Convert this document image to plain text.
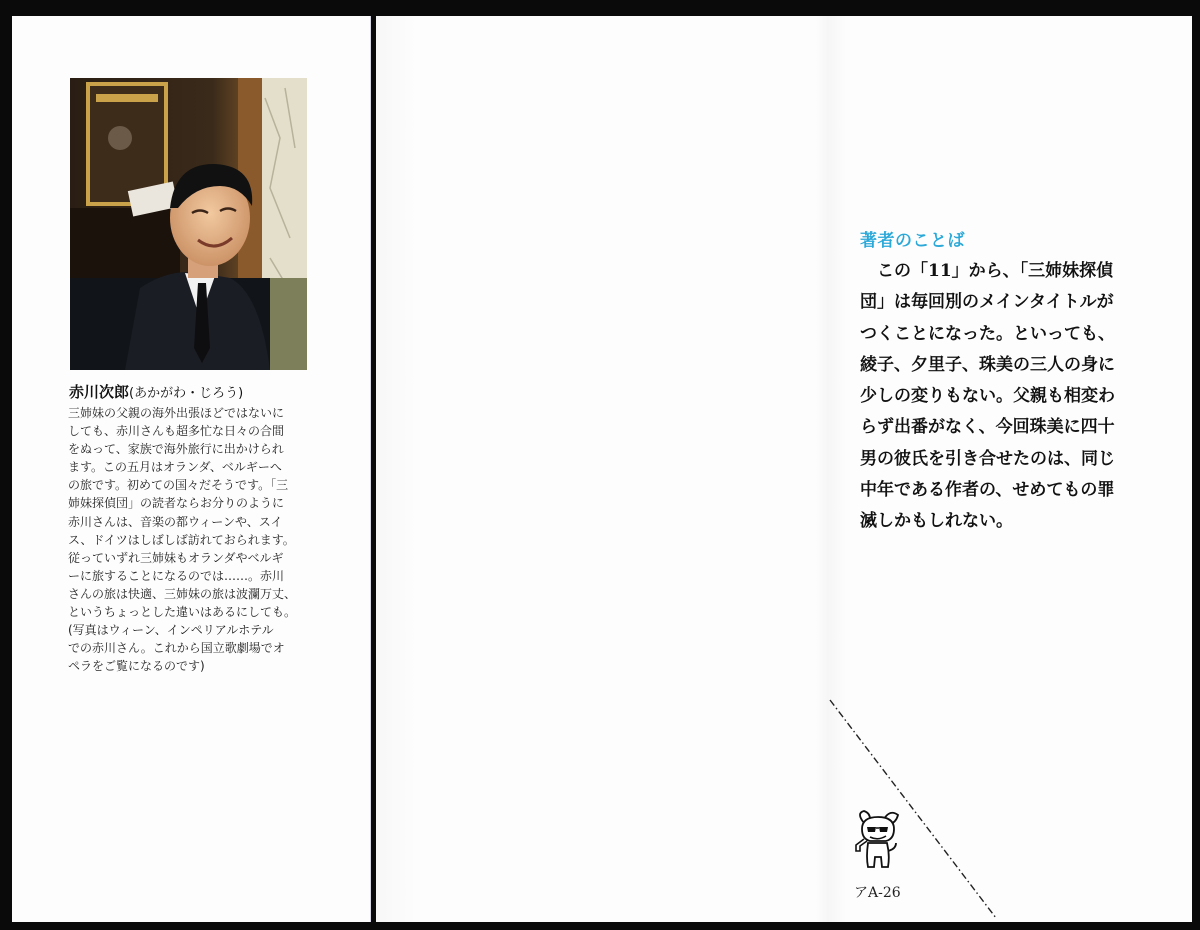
赤川次郎(あかがわ・じろう)
三姉妹の父親の海外出張ほどではないに
しても、赤川さんも超多忙な日々の合間
をぬって、家族で海外旅行に出かけられ
ます。この五月はオランダ、ベルギーへ
の旅です。初めての国々だそうです。「三
姉妹探偵団」の読者ならお分りのように
赤川さんは、音楽の都ウィーンや、スイ
ス、ドイツはしばしば訪れておられます。
従っていずれ三姉妹もオランダやベルギ
ーに旅することになるのでは……。赤川
さんの旅は快適、三姉妹の旅は波瀾万丈、
というちょっとした違いはあるにしても。
(写真はウィーン、インペリアルホテル
での赤川さん。これから国立歌劇場でオ
ペラをご覧になるのです)
著者のことば
　この「11」から、「三姉妹探偵
団」は毎回別のメインタイトルが
つくことになった。といっても、
綾子、夕里子、珠美の三人の身に
少しの変りもない。父親も相変わ
らず出番がなく、今回珠美に四十
男の彼氏を引き合せたのは、同じ
中年である作者の、せめてもの罪
滅しかもしれない。
アA-26
